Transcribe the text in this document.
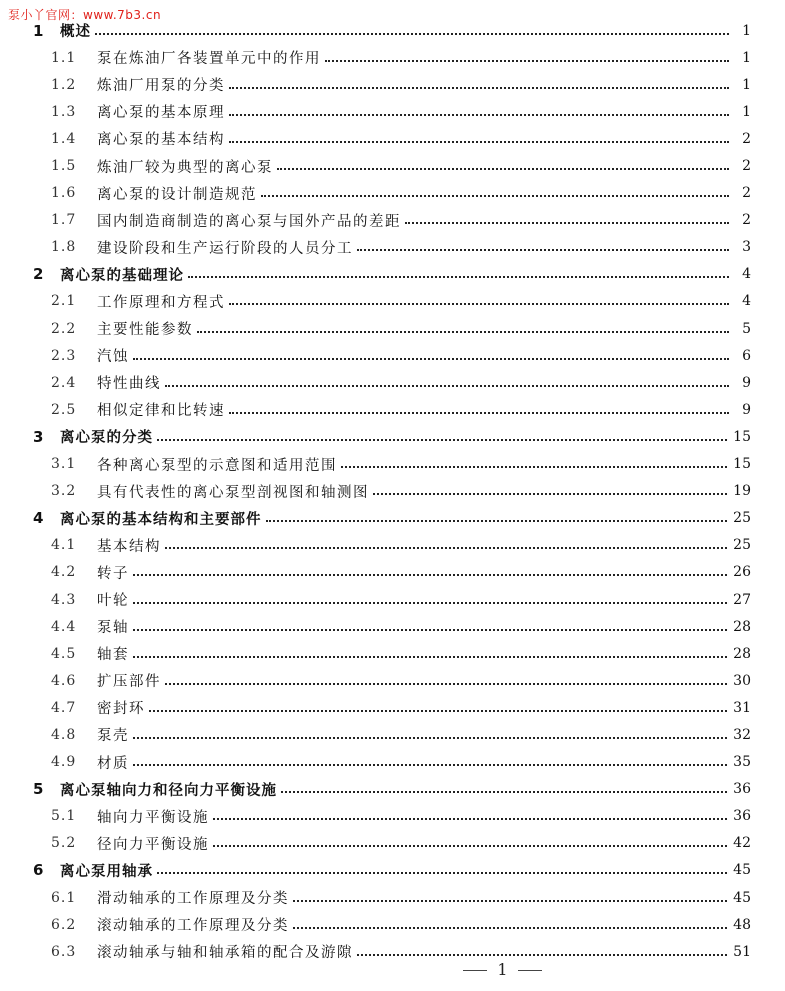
泵小丫官网：www.7b3.cn
1	概述	1
1.1	泵在炼油厂各装置单元中的作用	1
1.2	炼油厂用泵的分类	1
1.3	离心泵的基本原理	1
1.4	离心泵的基本结构	2
1.5	炼油厂较为典型的离心泵	2
1.6	离心泵的设计制造规范	2
1.7	国内制造商制造的离心泵与国外产品的差距	2
1.8	建设阶段和生产运行阶段的人员分工	3
2	离心泵的基础理论	4
2.1	工作原理和方程式	4
2.2	主要性能参数	5
2.3	汽蚀	6
2.4	特性曲线	9
2.5	相似定律和比转速	9
3	离心泵的分类	15
3.1	各种离心泵型的示意图和适用范围	15
3.2	具有代表性的离心泵型剖视图和轴测图	19
4	离心泵的基本结构和主要部件	25
4.1	基本结构	25
4.2	转子	26
4.3	叶轮	27
4.4	泵轴	28
4.5	轴套	28
4.6	扩压部件	30
4.7	密封环	31
4.8	泵壳	32
4.9	材质	35
5	离心泵轴向力和径向力平衡设施	36
5.1	轴向力平衡设施	36
5.2	径向力平衡设施	42
6	离心泵用轴承	45
6.1	滑动轴承的工作原理及分类	45
6.2	滚动轴承的工作原理及分类	48
6.3	滚动轴承与轴和轴承箱的配合及游隙	51
1
